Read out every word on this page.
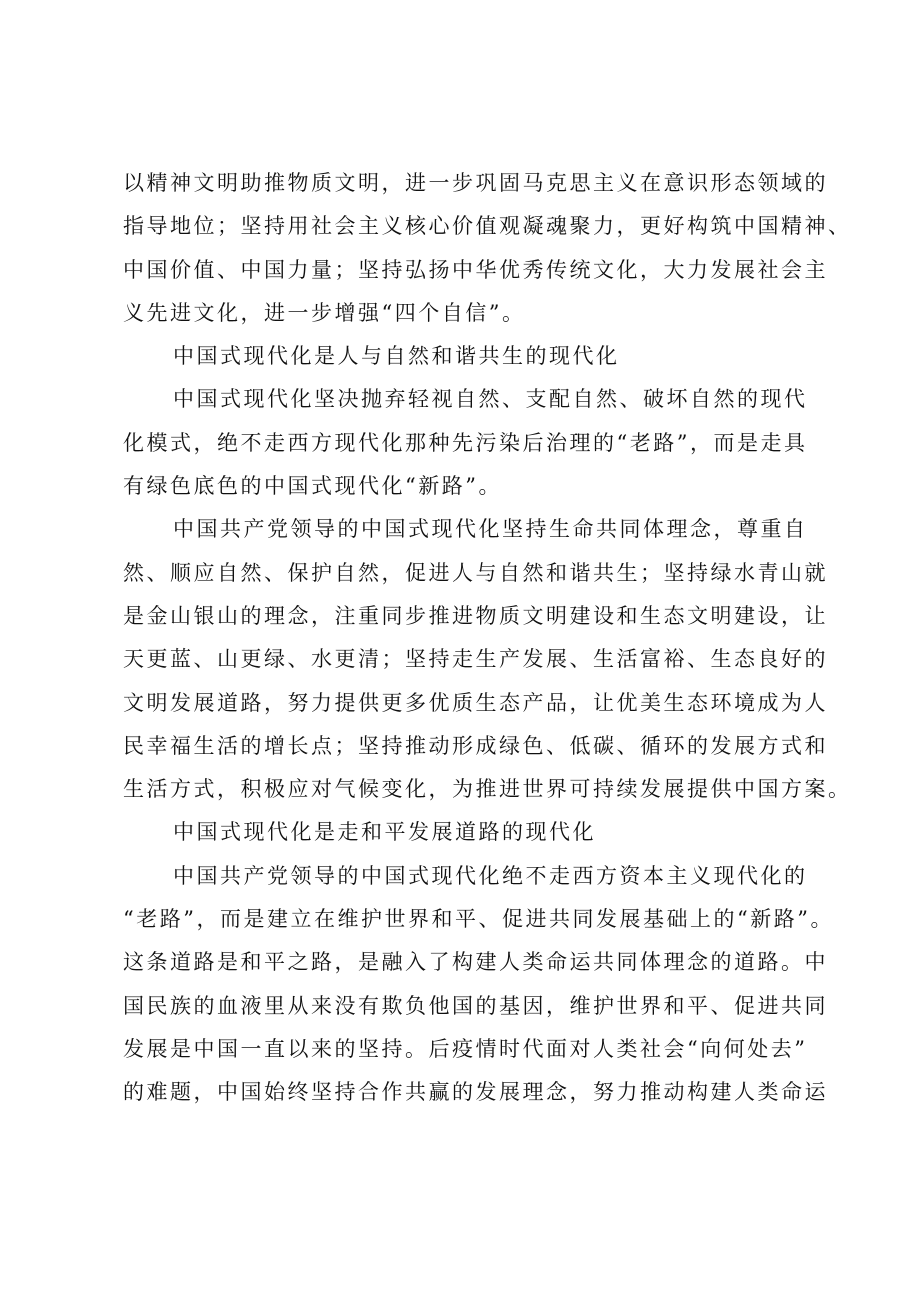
以精神文明助推物质文明，进一步巩固马克思主义在意识形态领域的
指导地位；坚持用社会主义核心价值观凝魂聚力，更好构筑中国精神、
中国价值、中国力量；坚持弘扬中华优秀传统文化，大力发展社会主
义先进文化，进一步增强“四个自信”。
中国式现代化是人与自然和谐共生的现代化
中国式现代化坚决抛弃轻视自然、支配自然、破坏自然的现代
化模式，绝不走西方现代化那种先污染后治理的“老路”，而是走具
有绿色底色的中国式现代化“新路”。
中国共产党领导的中国式现代化坚持生命共同体理念，尊重自
然、顺应自然、保护自然，促进人与自然和谐共生；坚持绿水青山就
是金山银山的理念，注重同步推进物质文明建设和生态文明建设，让
天更蓝、山更绿、水更清；坚持走生产发展、生活富裕、生态良好的
文明发展道路，努力提供更多优质生态产品，让优美生态环境成为人
民幸福生活的增长点；坚持推动形成绿色、低碳、循环的发展方式和
生活方式，积极应对气候变化，为推进世界可持续发展提供中国方案。
中国式现代化是走和平发展道路的现代化
中国共产党领导的中国式现代化绝不走西方资本主义现代化的
“老路”，而是建立在维护世界和平、促进共同发展基础上的“新路”。
这条道路是和平之路，是融入了构建人类命运共同体理念的道路。中
国民族的血液里从来没有欺负他国的基因，维护世界和平、促进共同
发展是中国一直以来的坚持。后疫情时代面对人类社会“向何处去”
的难题，中国始终坚持合作共赢的发展理念，努力推动构建人类命运
